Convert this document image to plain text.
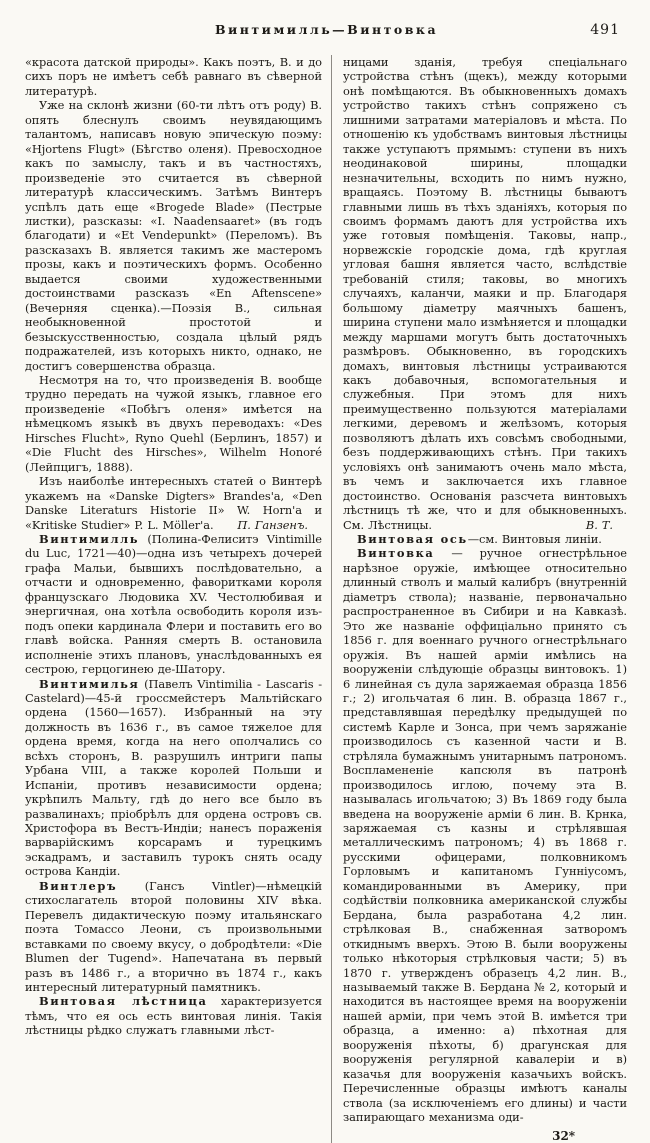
Винтимилль—Винтовка	491

«красота датской природы». Какъ поэтъ, В. и до сихъ поръ не имѣетъ себѣ равнаго въ сѣверной литературѣ.

Уже на склонѣ жизни (60-ти лѣтъ отъ роду) В. опять блеснулъ своимъ неувядающимъ талантомъ, написавъ новую эпическую поэму: «Hjortens Flugt» (Бѣгство оленя). Превосходное какъ по замыслу, такъ и въ частностяхъ, произведеніе это считается въ сѣверной литературѣ классическимъ. Затѣмъ Винтеръ успѣлъ дать еще «Brogede Blade» (Пестрые листки), разсказы: «I. Naadensaaret» (въ годъ благодати) и «Et Vendepunkt» (Переломъ). Въ разсказахъ В. является такимъ же мастеромъ прозы, какъ и поэтическихъ формъ. Особенно выдается своими художественными достоинствами разсказъ «En Aftenscene» (Вечерняя сценка).—Поэзія В., сильная необыкновенной простотой и безыскусственностью, создала цѣлый рядъ подражателей, изъ которыхъ никто, однако, не достигъ совершенства образца.

Несмотря на то, что произведенія В. вообще трудно передать на чужой языкъ, главное его произведеніе «Побѣгъ оленя» имѣется на нѣмецкомъ языкѣ въ двухъ переводахъ: «Des Hirsches Flucht», Ryno Quehl (Берлинъ, 1857) и «Die Flucht des Hirsches», Wilhelm Honoré (Лейпцигъ, 1888).

Изъ наиболѣе интересныхъ статей о Винтерѣ укажемъ на «Danske Digters» Brandes'a, «Den Danske Literaturs Historie II» W. Horn'a и «Kritiske Studier» P. L. Möller'a.	П. Ганзенъ.

Винтимилль (Полина-Фелиситэ Vintimille du Luc, 1721—40)—одна изъ четырехъ дочерей графа Мальи, бывшихъ послѣдовательно, а отчасти и одновременно, фаворитками короля французскаго Людовика XV. Честолюбивая и энергичная, она хотѣла освободить короля изъ-подъ опеки кардинала Флери и поставить его во главѣ войска. Ранняя смерть В. остановила исполненіе этихъ плановъ, унаслѣдованныхъ ея сестрою, герцогинею де-Шатору.

Винтимилья (Павелъ Vintimilia - Lascaris - Castelard)—45-й гроссмейстеръ Мальтійскаго ордена (1560—1657). Избранный на эту должность въ 1636 г., въ самое тяжелое для ордена время, когда на него ополчались со всѣхъ сторонъ, В. разрушилъ интриги папы Урбана VIII, а также королей Польши и Испаніи, противъ независимости ордена; укрѣпилъ Мальту, гдѣ до него все было въ развалинахъ; пріобрѣлъ для ордена островъ св. Христофора въ Вестъ-Индіи; нанесъ пораженія варварійскимъ корсарамъ и турецкимъ эскадрамъ, и заставилъ турокъ снять осаду острова Кандіи.

Винтлеръ (Гансъ Vintler)—нѣмецкій стихослагатель второй половины XIV вѣка. Перевелъ дидактическую поэму итальянскаго поэта Томассо Леони, съ произвольными вставками по своему вкусу, о добродѣтели: «Die Blumen der Tugend». Напечатана въ первый разъ въ 1486 г., а вторично въ 1874 г., какъ интересный литературный памятникъ.

Винтовая лѣстница характеризуется тѣмъ, что ея ось есть винтовая линія. Такія лѣстницы рѣдко служатъ главными лѣст-

ницами зданія, требуя спеціальнаго устройства стѣнъ (щекъ), между которыми онѣ помѣщаются. Въ обыкновенныхъ домахъ устройство такихъ стѣнъ сопряжено съ лишними затратами матеріаловъ и мѣста. По отношенію къ удобствамъ винтовыя лѣстницы также уступаютъ прямымъ: ступени въ нихъ неодинаковой ширины, площадки незначительны, всходить по нимъ нужно, вращаясь. Поэтому В. лѣстницы бываютъ главными лишь въ тѣхъ зданіяхъ, которыя по своимъ формамъ даютъ для устройства ихъ уже готовыя помѣщенія. Таковы, напр., норвежскіе городскіе дома, гдѣ круглая угловая башня является часто, вслѣдствіе требованій стиля; таковы, во многихъ случаяхъ, каланчи, маяки и пр. Благодаря большому діаметру маячныхъ башенъ, ширина ступени мало измѣняется и площадки между маршами могутъ быть достаточныхъ размѣровъ. Обыкновенно, въ городскихъ домахъ, винтовыя лѣстницы устраиваются какъ добавочныя, вспомогательныя и служебныя. При этомъ для нихъ преимущественно пользуются матеріалами легкими, деревомъ и желѣзомъ, которыя позволяютъ дѣлать ихъ совсѣмъ свободными, безъ поддерживающихъ стѣнъ. При такихъ условіяхъ онѣ занимаютъ очень мало мѣста, въ чемъ и заключается ихъ главное достоинство. Основанія разсчета винтовыхъ лѣстницъ тѣ же, что и для обыкновенныхъ. См. Лѣстницы.	В. Т.

Винтовая ось—см. Винтовыя линіи.

Винтовка — ручное огнестрѣльное нарѣзное оружіе, имѣющее относительно длинный стволъ и малый калибръ (внутренній діаметръ ствола); названіе, первоначально распространенное въ Сибири и на Кавказѣ. Это же названіе оффиціально принято съ 1856 г. для военнаго ручного огнестрѣльнаго оружія. Въ нашей арміи имѣлись на вооруженіи слѣдующіе образцы винтовокъ. 1) 6 линейная съ дула заряжаемая образца 1856 г.; 2) игольчатая 6 лин. В. образца 1867 г., представлявшая передѣлку предыдущей по системѣ Карле и Зонса, при чемъ заряжаніе производилось съ казенной части и В. стрѣляла бумажнымъ унитарнымъ патрономъ. Воспламененіе капсюля въ патронѣ производилось иглою, почему эта В. называлась игольчатою; 3) Въ 1869 году была введена на вооруженіе арміи 6 лин. В. Крнка, заряжаемая съ казны и стрѣлявшая металлическимъ патрономъ; 4) въ 1868 г. русскими офицерами, полковникомъ Горловымъ и капитаномъ Гунніусомъ, командированными въ Америку, при содѣйствіи полковника американской службы Бердана, была разработана 4,2 лин. стрѣлковая В., снабженная затворомъ откиднымъ вверхъ. Этою В. были вооружены только нѣкоторыя стрѣлковыя части; 5) въ 1870 г. утвержденъ образецъ 4,2 лин. В., называемый также В. Бердана № 2, который и находится въ настоящее время на вооруженіи нашей арміи, при чемъ этой В. имѣется три образца, а именно: а) пѣхотная для вооруженія пѣхоты, б) драгунская для вооруженія регулярной кавалеріи и в) казачья для вооруженія казачьихъ войскъ. Перечисленные образцы имѣютъ каналы ствола (за исключеніемъ его длины) и части запирающаго механизма оди-

32*
